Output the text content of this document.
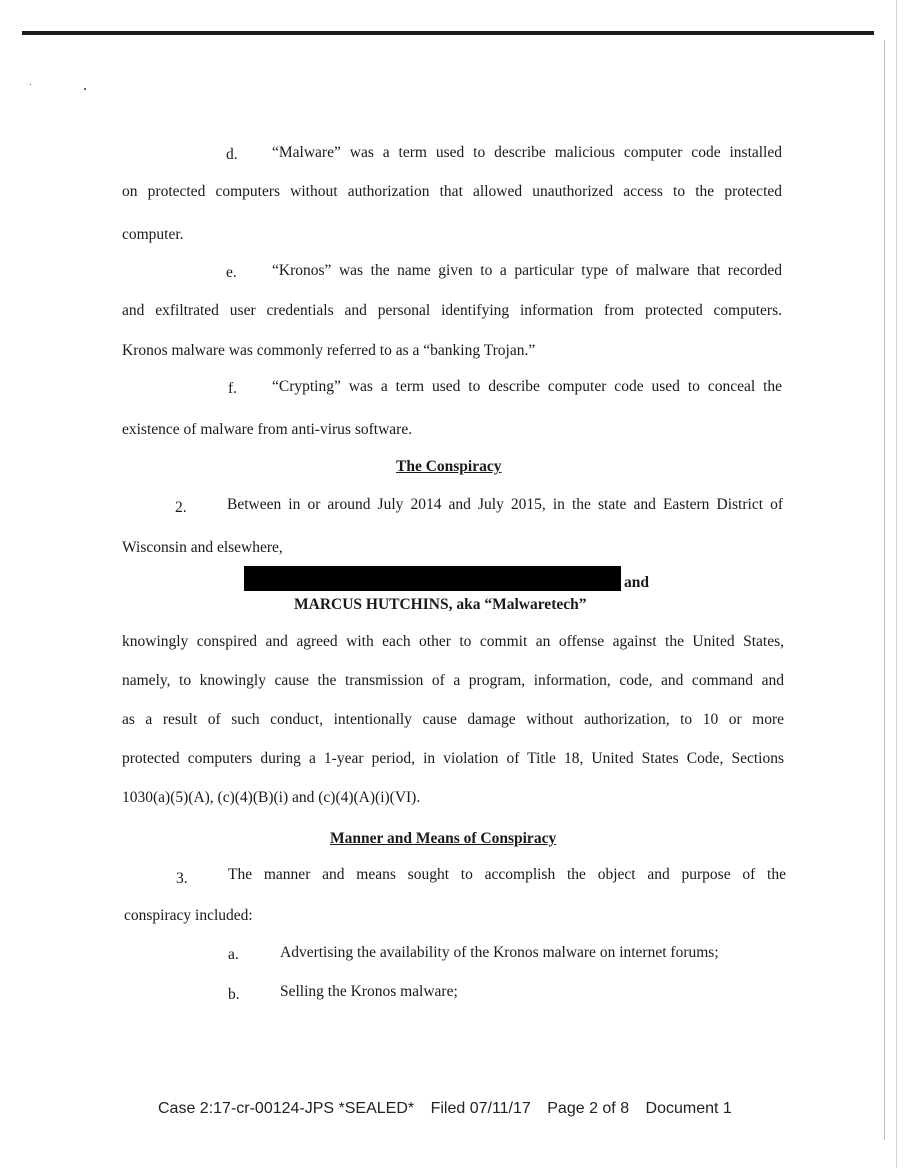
d. “Malware” was a term used to describe malicious computer code installed
on protected computers without authorization that allowed unauthorized access to the protected
computer.
e. “Kronos” was the name given to a particular type of malware that recorded
and exfiltrated user credentials and personal identifying information from protected computers.
Kronos malware was commonly referred to as a “banking Trojan.”
f. “Crypting” was a term used to describe computer code used to conceal the
existence of malware from anti-virus software.
The Conspiracy
2.	Between in or around July 2014 and July 2015, in the state and Eastern District of
Wisconsin and elsewhere,
and
MARCUS HUTCHINS, aka “Malwaretech”
knowingly conspired and agreed with each other to commit an offense against the United States,
namely, to knowingly cause the transmission of a program, information, code, and command and
as a result of such conduct, intentionally cause damage without authorization, to 10 or more
protected computers during a 1-year period, in violation of Title 18, United States Code, Sections
1030(a)(5)(A), (c)(4)(B)(i) and (c)(4)(A)(i)(VI).
Manner and Means of Conspiracy
3.	The manner and means sought to accomplish the object and purpose of the
conspiracy included:
a.	Advertising the availability of the Kronos malware on internet forums;
b.	Selling the Kronos malware;
Case 2:17-cr-00124-JPS *SEALED* Filed 07/11/17 Page 2 of 8 Document 1
